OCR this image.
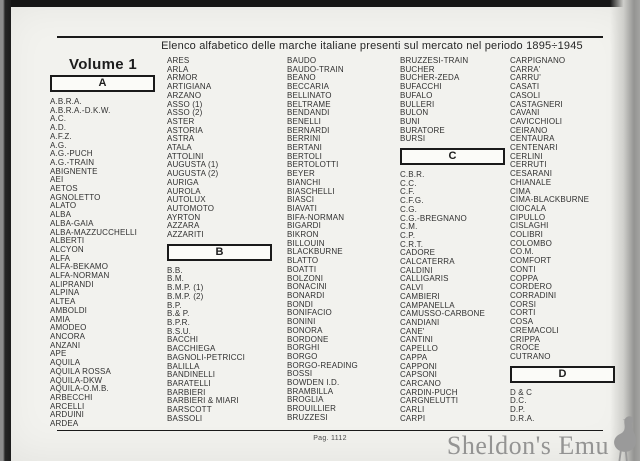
Elenco alfabetico delle marche italiane presenti sul mercato nel periodo 1895÷1945
Volume 1
A
A.B.R.A.
A.B.R.A.-D.K.W.
A.C.
A.D.
A.F.Z.
A.G.
A.G.-PUCH
A.G.-TRAIN
ABIGNENTE
AEI
AETOS
AGNOLETTO
ALATO
ALBA
ALBA-GAIA
ALBA-MAZZUCCHELLI
ALBERTI
ALCYON
ALFA
ALFA-BEKAMO
ALFA-NORMAN
ALIPRANDI
ALPINA
ALTEA
AMBOLDI
AMIA
AMODEO
ANCORA
ANZANI
APE
AQUILA
AQUILA ROSSA
AQUILA-DKW
AQUILA-O.M.B.
ARBECCHI
ARCELLI
ARDUINI
ARDEA
ARES
ARLA
ARMOR
ARTIGIANA
ARZANO
ASSO (1)
ASSO (2)
ASTER
ASTORIA
ASTRA
ATALA
ATTOLINI
AUGUSTA (1)
AUGUSTA (2)
AURIGA
AUROLA
AUTOLUX
AUTOMOTO
AYRTON
AZZARA
AZZARITI
B
B.B.
B.M.
B.M.P. (1)
B.M.P. (2)
B.P.
B.& P.
B.P.R.
B.S.U.
BACCHI
BACCHIEGA
BAGNOLI-PETRICCI
BALILLA
BANDINELLI
BARATELLI
BARBIERI
BARBIERI & MIARI
BARSCOTT
BASSOLI
BAUDO
BAUDO-TRAIN
BEANO
BECCARIA
BELLINATO
BELTRAME
BENDANDI
BENELLI
BERNARDI
BERRINI
BERTANI
BERTOLI
BERTOLOTTI
BEYER
BIANCHI
BIASCHELLI
BIASCI
BIAVATI
BIFA-NORMAN
BIGARDI
BIKRON
BILLOUIN
BLACKBURNE
BLATTO
BOATTI
BOLZONI
BONACINI
BONARDI
BONDI
BONIFACIO
BONINI
BONORA
BORDONE
BORGHI
BORGO
BORGO-READING
BOSSI
BOWDEN I.D.
BRAMBILLA
BROGLIA
BROUILLIER
BRUZZESI
BRUZZESI-TRAIN
BUCHER
BUCHER-ZEDA
BUFACCHI
BUFALO
BULLERI
BULON
BUNI
BURATORE
BURSI
C
C.B.R.
C.C.
C.F.
C.F.G.
C.G.
C.G.-BREGNANO
C.M.
C.P.
C.R.T.
CADORE
CALCATERRA
CALDINI
CALLIGARIS
CALVI
CAMBIERI
CAMPANELLA
CAMUSSO-CARBONE
CANDIANI
CANE'
CANTINI
CAPELLO
CAPPA
CAPPONI
CAPSONI
CARCANO
CARDIN-PUCH
CARGNELUTTI
CARLI
CARPI
CARPIGNANO
CARRA'
CARRU'
CASATI
CASOLI
CASTAGNERI
CAVANI
CAVICCHIOLI
CEIRANO
CENTAURA
CENTENARI
CERLINI
CERRUTI
CESARANI
CHIANALE
CIMA
CIMA-BLACKBURNE
CIOCALA
CIPULLO
CISLAGHI
COLIBRI
COLOMBO
CO.M.
COMFORT
CONTI
COPPA
CORDERO
CORRADINI
CORSI
CORTI
COSA
CREMACOLI
CRIPPA
CROCE
CUTRANO
D
D & C
D.C.
D.P.
D.R.A.
Pag. 1112	Sheldon's Emu
